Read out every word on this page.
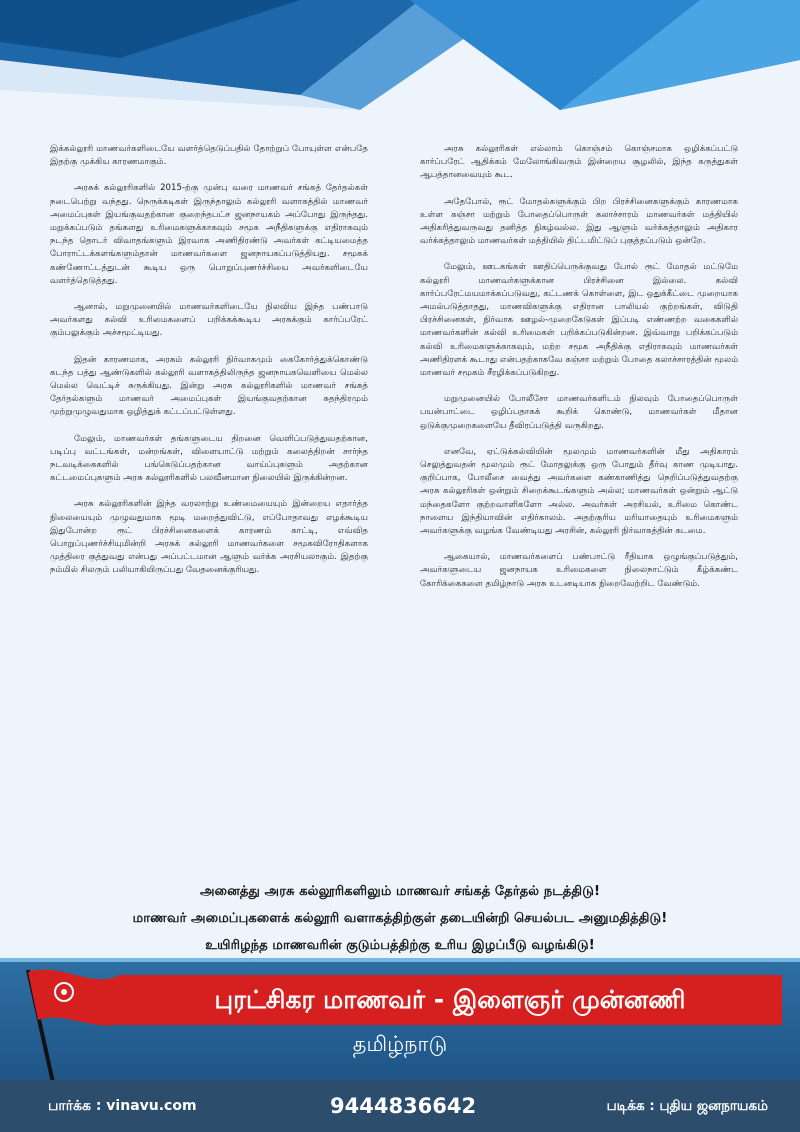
இக்கல்லூரி மாணவர்களிடையே வளர்த்தெடுப்பதில் தோற்றுப் போயுள்ள என்பதே இதற்கு முக்கிய காரணமாகும்.

அரசுக் கல்லூரிகளில் 2015-ற்கு முன்பு வரை மாணவர் சங்கத் தேர்தல்கள் நடைபெற்று வந்தது. நெருக்கடிகள் இருந்தாலும் கல்லூரி வளாகத்தில் மாணவர் அமைப்புகள் இயங்குவதற்கான குறைந்தபட்ச ஜனநாயகம் அப்போது இருந்தது. மறுக்கப்படும் தங்களது உரிமைகளுக்காகவும் சமூக அநீதிகளுக்கு எதிராகவும் நடந்த தொடர் விவாதங்களும் இரவாக அணிதிரண்டு அவர்கள் கட்டியமைத்த போராட்டக்களங்களும்தான் மாணவர்களை ஜனநாயகப்படுத்தியது. சமூகக் கண்ணோட்டத்துடன் கூடிய ஒரு பொறுப்புணர்ச்சியை அவர்களிடையே வளர்த்தெடுத்தது.

ஆனால், மறுமுனையில் மாணவர்களிடையே நிலவிய இந்த பண்பாடு அவர்களது கல்வி உரிமைகளைப் பறிக்கக்கூடிய அரசுக்கும் கார்ப்பரேட் கும்பலுக்கும் அச்சமூட்டியது.

இதன் காரணமாக, அரசும் கல்லூரி நிர்வாகமும் கைகோர்த்துக்கொண்டு கடந்த பத்து ஆண்டுகளில் கல்லூரி வளாகத்திலிருந்த ஜனநாயகவெளியை மெல்ல மெல்ல வெட்டிச் சுருக்கியது. இன்று அரசு கல்லூரிகளில் மாணவர் சங்கத் தேர்தல்களும் மாணவர் அமைப்புகள் இயங்குவதற்கான சுதந்திரமும் முற்றுமுழுவதுமாக ஒழித்துக் கட்டப்பட்டுள்ளது.

மேலும், மாணவர்கள் தங்களுடைய திறனை வெளிப்படுத்துவதற்கான, படிப்பு வட்டங்கள், மன்றங்கள், விளையாட்டு மற்றும் கலைத்திறன் சார்ந்த நடவடிக்கைகளில் பங்கெடுப்பதற்கான வாய்ப்புகளும் அதற்கான கட்டமைப்புகளும் அரசு கல்லூரிகளில் பலவீனமான நிலையில் இருக்கின்றன.

அரசு கல்லூரிகளின் இந்த வரலாற்று உண்மையையும் இன்றைய எதார்த்த நிலையையும் முழுவதுமாக மூடி மறைத்துவிட்டு, எப்போதாவது எழக்கூடிய இதுபோன்ற ரூட் பிரச்சினைகளைக் காரணம் காட்டி, எவ்வித பொறுப்புணர்ச்சியுமின்றி அரசுக் கல்லூரி மாணவர்களை சமூகவிரோதிகளாக முத்திரை குத்துவது என்பது அப்பட்டமான ஆளும் வர்க்க அரசியலாகும். இதற்கு நம்மில் சிலரும் பலியாகியிருப்பது வேதனைக்குரியது.

அரசு கல்லூரிகள் எல்லாம் கொஞ்சம் கொஞ்சமாக ஒழிக்கப்பட்டு கார்ப்பரேட் ஆதிக்கம் மேலோங்கிவரும் இன்றைய சூழலில், இந்த கருத்துகள் ஆபத்தானவையும் கூட.

அதேபோல், ரூட் மோதல்களுக்கும் பிற பிரச்சினைகளுக்கும் காரணமாக உள்ள கஞ்சா மற்றும் போதைப்பொருள் கலாச்சாரம் மாணவர்கள் மத்தியில் அதிகரித்துவருவது தனித்த நிகழ்வல்ல. இது ஆளும் வர்க்கத்தாலும் அதிகார வர்க்கத்தாலும் மாணவர்கள் மத்தியில் திட்டமிட்டுப் புகுத்தப்படும் ஒன்றே.

மேலும், ஊடகங்கள் ஊதிப்பெருக்குவது போல் ரூட் மோதல் மட்டுமே கல்லூரி மாணவர்களுக்கான பிரச்சினை இல்லை. கல்வி கார்ப்பரேட்மயமாக்கப்படுவது, கட்டணக் கொள்ளை, இட ஒதுக்கீட்டை முறையாக அமல்படுத்தாதது, மாணவிகளுக்கு எதிரான பாலியல் குற்றங்கள், விடுதி பிரச்சினைகள், நிர்வாக ஊழல்-முறைகேடுகள் இப்படி எண்ணற்ற வகைகளில் மாணவர்களின் கல்வி உரிமைகள் பறிக்கப்படுகின்றன. இவ்வாறு பறிக்கப்படும் கல்வி உரிமைகளுக்காகவும், மற்ற சமூக அநீதிக்கு எதிராகவும் மாணவர்கள் அணிதிரளக் கூடாது என்பதற்காகவே கஞ்சா மற்றும் போதை கலாச்சாரத்தின் மூலம் மாணவர் சமூகம் சீரழிக்கப்படுகிறது.

மறுமுனையில் போலீசோ மாணவர்களிடம் நிலவும் போதைப்பொருள் பயன்பாட்டை ஒழிப்பதாகக் கூறிக் கொண்டு, மாணவர்கள் மீதான ஒடுக்குமுறைகளையே தீவிரப்படுத்தி வருகிறது.

எனவே, ஏட்டுக்கல்வியின் மூலமும் மாணவர்களின் மீது அதிகாரம் செலுத்துவதன் மூலமும் ரூட் மோதலுக்கு ஒரு போதும் தீர்வு காண முடியாது. குறிப்பாக, போலீசை வைத்து அவர்களை கண்காணித்து நெறிப்படுத்துவதற்கு அரசு கல்லூரிகள் ஒன்றும் சிறைக்கூடங்களும் அல்ல; மாணவர்கள் ஒன்றும் ஆட்டு மந்தைகளோ குற்றவாளிகளோ அல்ல. அவர்கள் அரசியல், உரிமை கொண்ட நாளைய இந்தியாவின் எதிர்காலம். அதற்குரிய மரியாதையும் உரிமைகளும் அவர்களுக்கு வழங்க வேண்டியது அரசின், கல்லூரி நிர்வாகத்தின் கடமை.

ஆகையால், மாணவர்களைப் பண்பாட்டு ரீதியாக ஒழுங்குப்படுத்தும், அவர்களுடைய ஜனநாயக உரிமைகளை நிலைநாட்டும் கீழ்க்கண்ட கோரிக்கைகளை தமிழ்நாடு அரசு உடனடியாக நிறைவேற்றிட வேண்டும்.

அனைத்து அரசு கல்லூரிகளிலும் மாணவர் சங்கத் தேர்தல் நடத்திடு!
மாணவர் அமைப்புகளைக் கல்லூரி வளாகத்திற்குள் தடையின்றி செயல்பட அனுமதித்திடு!
உயிரிழந்த மாணவரின் குடும்பத்திற்கு உரிய இழப்பீடு வழங்கிடு!
புரட்சிகர மாணவர் - இளைஞர் முன்னணி
தமிழ்நாடு
பார்க்க : vinavu.com	9444836642	படிக்க : புதிய ஜனநாயகம்
